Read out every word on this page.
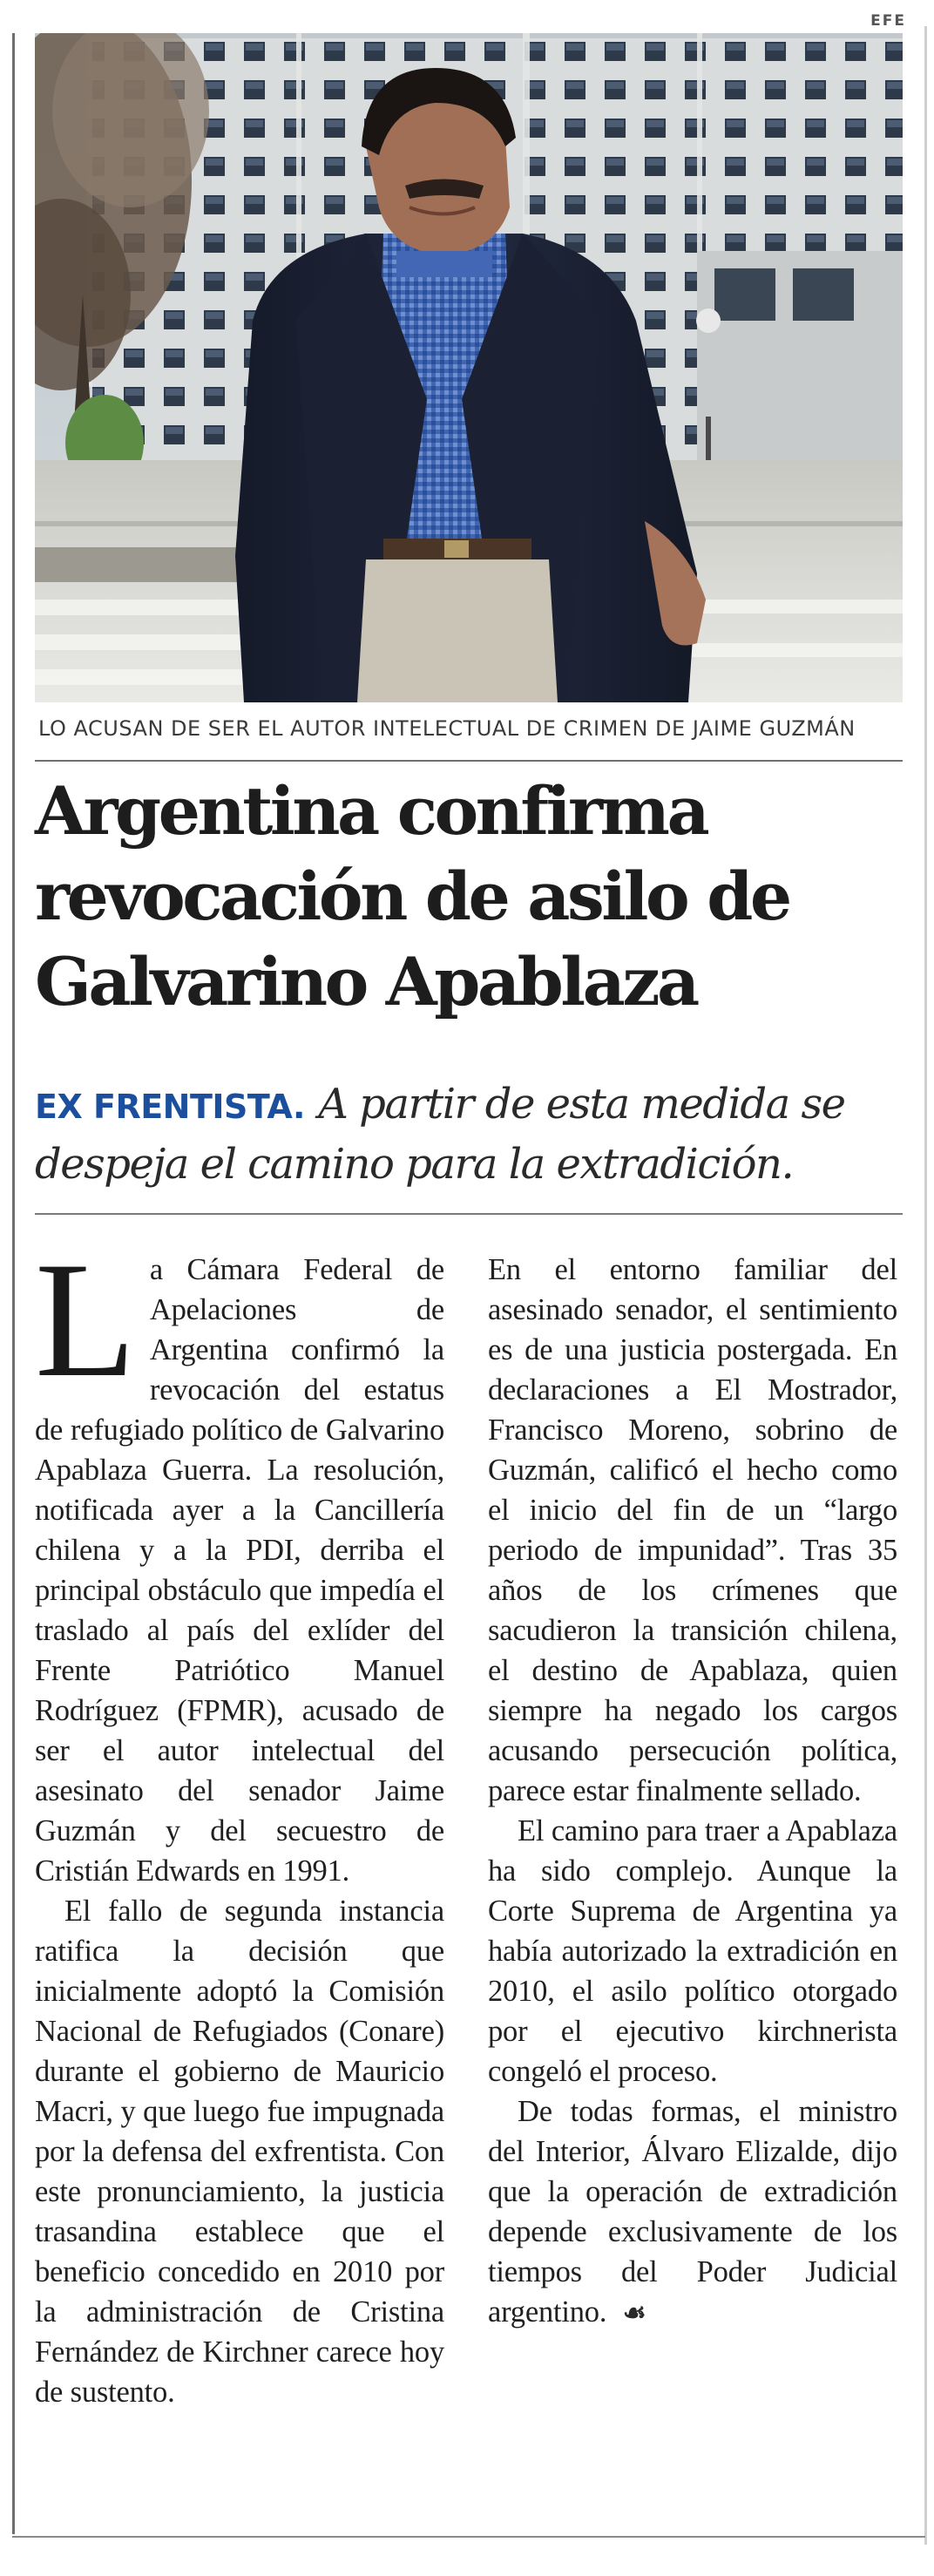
EFE
LO ACUSAN DE SER EL AUTOR INTELECTUAL DE CRIMEN DE JAIME GUZMÁN
Argentina confirma
revocación de asilo de
Galvarino Apablaza
EX FRENTISTA. A partir de esta medida se despeja el camino para la extradición.

L a Cámara Federal de Apelaciones de Argentina confirmó la revocación del estatus de refugiado político de Galvarino Apablaza Guerra. La resolución, notificada ayer a la Cancillería chilena y a la PDI, derriba el principal obstáculo que impedía el traslado al país del exlíder del Frente Patriótico Manuel Rodríguez (FPMR), acusado de ser el autor intelectual del asesinato del senador Jaime Guzmán y del secuestro de Cristián Edwards en 1991.

El fallo de segunda instancia ratifica la decisión que inicialmente adoptó la Comisión Nacional de Refugiados (Conare) durante el gobierno de Mauricio Macri, y que luego fue impugnada por la defensa del exfrentista. Con este pronunciamiento, la justicia trasandina establece que el beneficio concedido en 2010 por la administración de Cristina Fernández de Kirchner carece hoy de sustento.

En el entorno familiar del asesinado senador, el sentimiento es de una justicia postergada. En declaraciones a El Mostrador, Francisco Moreno, sobrino de Guzmán, calificó el hecho como el inicio del fin de un “largo periodo de impunidad”. Tras 35 años de los crímenes que sacudieron la transición chilena, el destino de Apablaza, quien siempre ha negado los cargos acusando persecución política, parece estar finalmente sellado.

El camino para traer a Apablaza ha sido complejo. Aunque la Corte Suprema de Argentina ya había autorizado la extradición en 2010, el asilo político otorgado por el ejecutivo kirchnerista congeló el proceso.

De todas formas, el ministro del Interior, Álvaro Elizalde, dijo que la operación de extradición depende exclusivamente de los tiempos del Poder Judicial argentino. ☙
